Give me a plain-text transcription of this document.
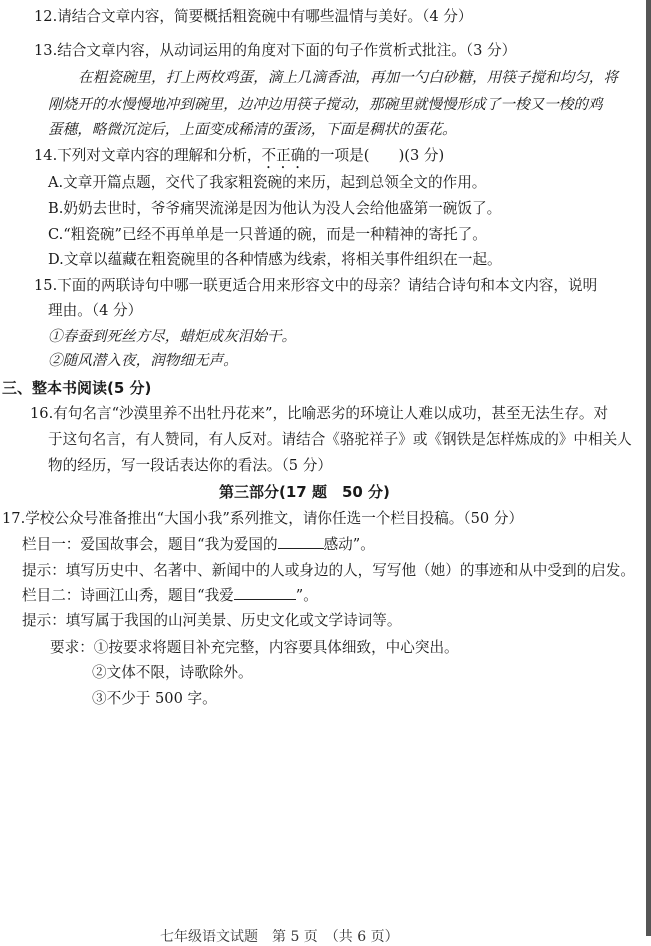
12.请结合文章内容，简要概括粗瓷碗中有哪些温情与美好。（4 分）
13.结合文章内容，从动词运用的角度对下面的句子作赏析式批注。（3 分）
在粗瓷碗里，打上两枚鸡蛋，滴上几滴香油，再加一勺白砂糖，用筷子搅和均匀，将
刚烧开的水慢慢地冲到碗里，边冲边用筷子搅动，那碗里就慢慢形成了一梭又一梭的鸡
蛋穗，略微沉淀后，上面变成稀清的蛋汤，下面是稠状的蛋花。
14.下列对文章内容的理解和分析，不正确的一项是(　　)(3 分)
A.文章开篇点题，交代了我家粗瓷碗的来历，起到总领全文的作用。
B.奶奶去世时，爷爷痛哭流涕是因为他认为没人会给他盛第一碗饭了。
C.“粗瓷碗”已经不再单单是一只普通的碗，而是一种精神的寄托了。
D.文章以蕴藏在粗瓷碗里的各种情感为线索，将相关事件组织在一起。
15.下面的两联诗句中哪一联更适合用来形容文中的母亲？请结合诗句和本文内容，说明
理由。（4 分）
①春蚕到死丝方尽，蜡炬成灰泪始干。
②随风潜入夜，润物细无声。
三、整本书阅读(5 分)
16.有句名言“沙漠里养不出牡丹花来”，比喻恶劣的环境让人难以成功，甚至无法生存。对
于这句名言，有人赞同，有人反对。请结合《骆驼祥子》或《钢铁是怎样炼成的》中相关人
物的经历，写一段话表达你的看法。（5 分）
第三部分(17 题　50 分)
17.学校公众号准备推出“大国小我”系列推文，请你任选一个栏目投稿。（50 分）
栏目一：爱国故事会，题目“我为爱国的	感动”。
提示：填写历史中、名著中、新闻中的人或身边的人，写写他（她）的事迹和从中受到的启发。
栏目二：诗画江山秀，题目“我爱	”。
提示：填写属于我国的山河美景、历史文化或文学诗词等。
要求：①按要求将题目补充完整，内容要具体细致，中心突出。
②文体不限，诗歌除外。
③不少于 500 字。
七年级语文试题　第 5 页　（共 6 页）
